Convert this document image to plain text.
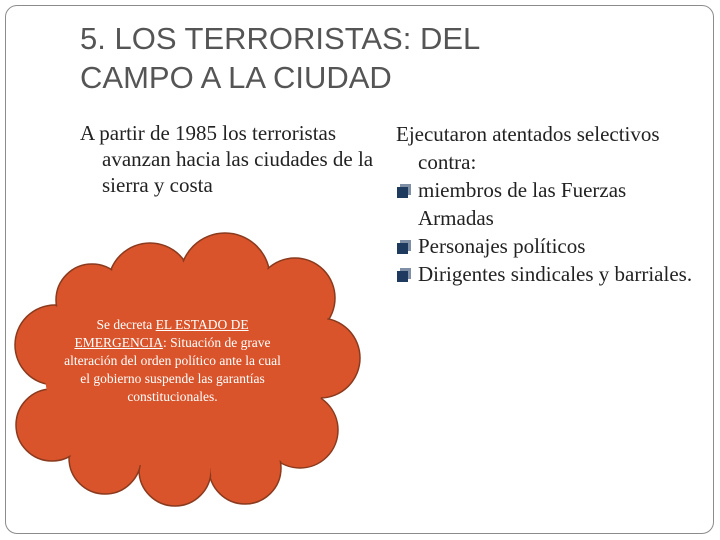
5. LOS TERRORISTAS: DEL
CAMPO A LA CIUDAD

A partir de 1985 los terroristas avanzan hacia las ciudades de la sierra y costa

Ejecutaron atentados selectivos contra:

miembros de las Fuerzas Armadas
Personajes políticos
Dirigentes sindicales y barriales.

Se decreta EL ESTADO DE EMERGENCIA: Situación de grave alteración del orden político ante la cual el gobierno suspende las garantías constitucionales.
